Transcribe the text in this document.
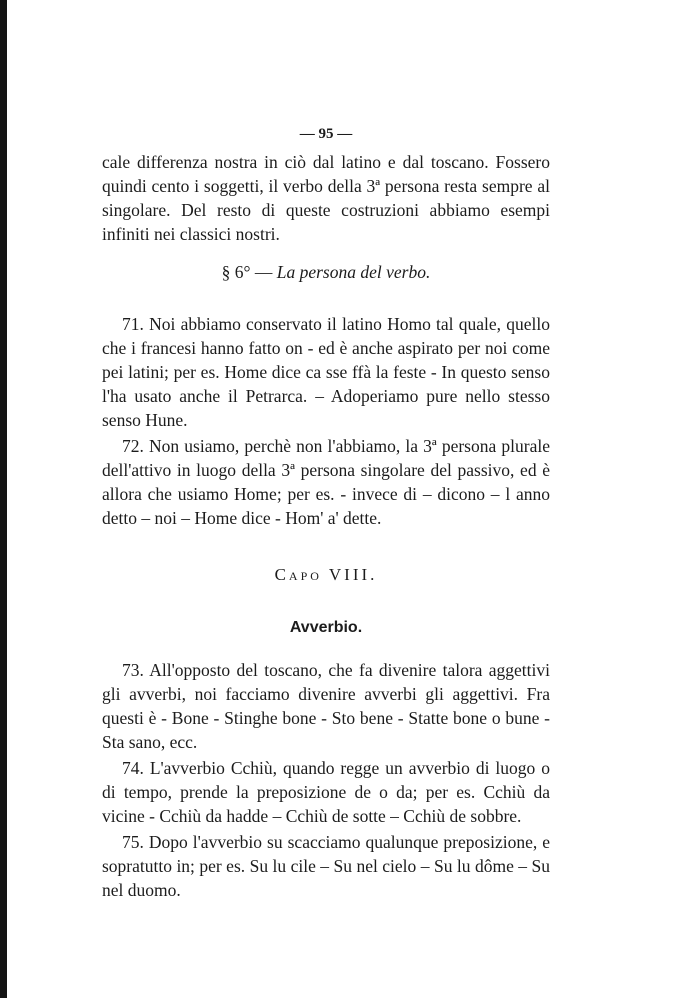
— 95 —

cale differenza nostra in ciò dal latino e dal toscano. Fossero quindi cento i soggetti, il verbo della 3ª persona resta sempre al singolare. Del resto di queste costruzioni abbiamo esempi infiniti nei classici nostri.

§ 6° — La persona del verbo.

71. Noi abbiamo conservato il latino Homo tal quale, quello che i francesi hanno fatto on - ed è anche aspirato per noi come pei latini; per es. Home dice ca sse ffà la feste - In questo senso l'ha usato anche il Petrarca. – Adoperiamo pure nello stesso senso Hune.

72. Non usiamo, perchè non l'abbiamo, la 3ª persona plurale dell'attivo in luogo della 3ª persona singolare del passivo, ed è allora che usiamo Home; per es. - invece di – dicono – l anno detto – noi – Home dice - Hom' a' dette.

Capo VIII.
Avverbio.

73. All'opposto del toscano, che fa divenire talora aggettivi gli avverbi, noi facciamo divenire avverbi gli aggettivi. Fra questi è - Bone - Stinghe bone - Sto bene - Statte bone o bune - Sta sano, ecc.

74. L'avverbio Cchiù, quando regge un avverbio di luogo o di tempo, prende la preposizione de o da; per es. Cchiù da vicine - Cchiù da hadde – Cchiù de sotte – Cchiù de sobbre.

75. Dopo l'avverbio su scacciamo qualunque preposizione, e sopratutto in; per es. Su lu cile – Su nel cielo – Su lu dôme – Su nel duomo.
